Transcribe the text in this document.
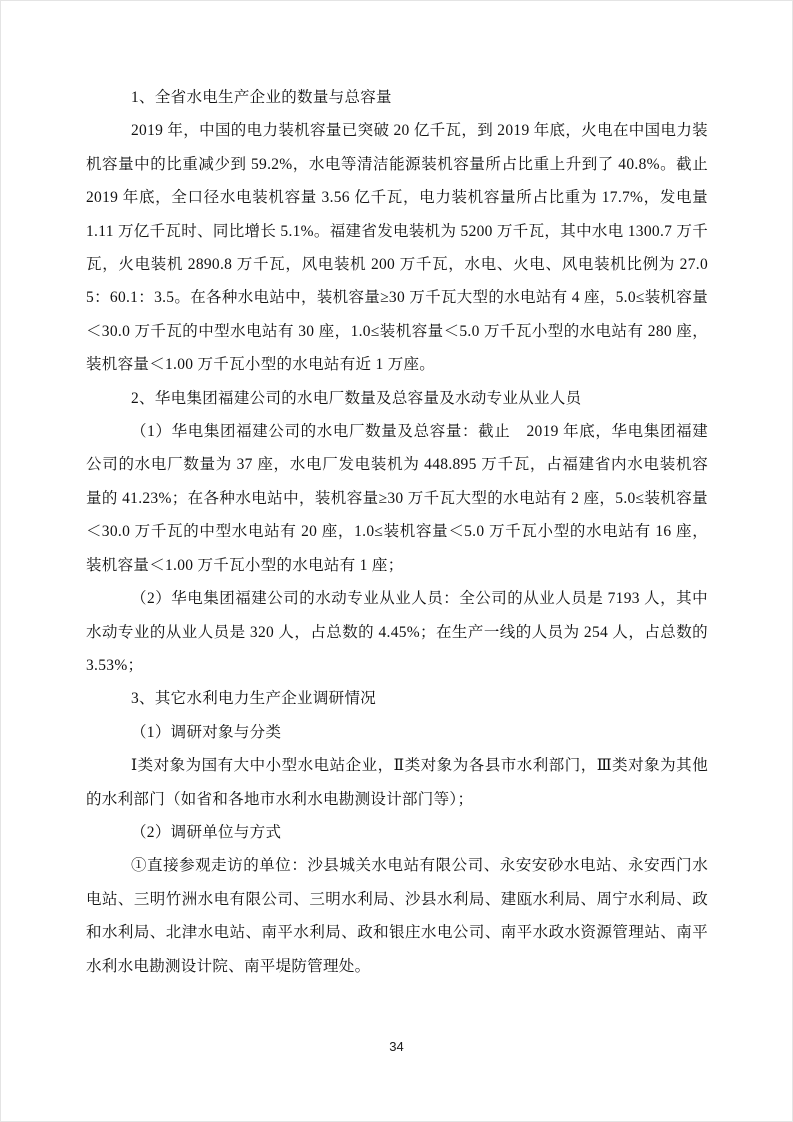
1、全省水电生产企业的数量与总容量

2019 年，中国的电力装机容量已突破 20 亿千瓦，到 2019 年底，火电在中国电力装机容量中的比重减少到 59.2%，水电等清洁能源装机容量所占比重上升到了 40.8%。截止 2019 年底，全口径水电装机容量 3.56 亿千瓦，电力装机容量所占比重为 17.7%，发电量 1.11 万亿千瓦时、同比增长 5.1%。福建省发电装机为 5200 万千瓦，其中水电 1300.7 万千瓦，火电装机 2890.8 万千瓦，风电装机 200 万千瓦，水电、火电、风电装机比例为 27.05：60.1：3.5。在各种水电站中，装机容量≥30 万千瓦大型的水电站有 4 座，5.0≤装机容量＜30.0 万千瓦的中型水电站有 30 座，1.0≤装机容量＜5.0 万千瓦小型的水电站有 280 座，装机容量＜1.00 万千瓦小型的水电站有近 1 万座。

2、华电集团福建公司的水电厂数量及总容量及水动专业从业人员

（1）华电集团福建公司的水电厂数量及总容量：截止　2019 年底，华电集团福建公司的水电厂数量为 37 座，水电厂发电装机为 448.895 万千瓦，占福建省内水电装机容量的 41.23%；在各种水电站中，装机容量≥30 万千瓦大型的水电站有 2 座，5.0≤装机容量＜30.0 万千瓦的中型水电站有 20 座，1.0≤装机容量＜5.0 万千瓦小型的水电站有 16 座，装机容量＜1.00 万千瓦小型的水电站有 1 座；

（2）华电集团福建公司的水动专业从业人员：全公司的从业人员是 7193 人，其中水动专业的从业人员是 320 人，占总数的 4.45%；在生产一线的人员为 254 人，占总数的 3.53%；

3、其它水利电力生产企业调研情况

（1）调研对象与分类

Ⅰ类对象为国有大中小型水电站企业，Ⅱ类对象为各县市水利部门，Ⅲ类对象为其他的水利部门（如省和各地市水利水电勘测设计部门等）；

（2）调研单位与方式

①直接参观走访的单位：沙县城关水电站有限公司、永安安砂水电站、永安西门水电站、三明竹洲水电有限公司、三明水利局、沙县水利局、建瓯水利局、周宁水利局、政和水利局、北津水电站、南平水利局、政和银庄水电公司、南平水政水资源管理站、南平水利水电勘测设计院、南平堤防管理处。

34
